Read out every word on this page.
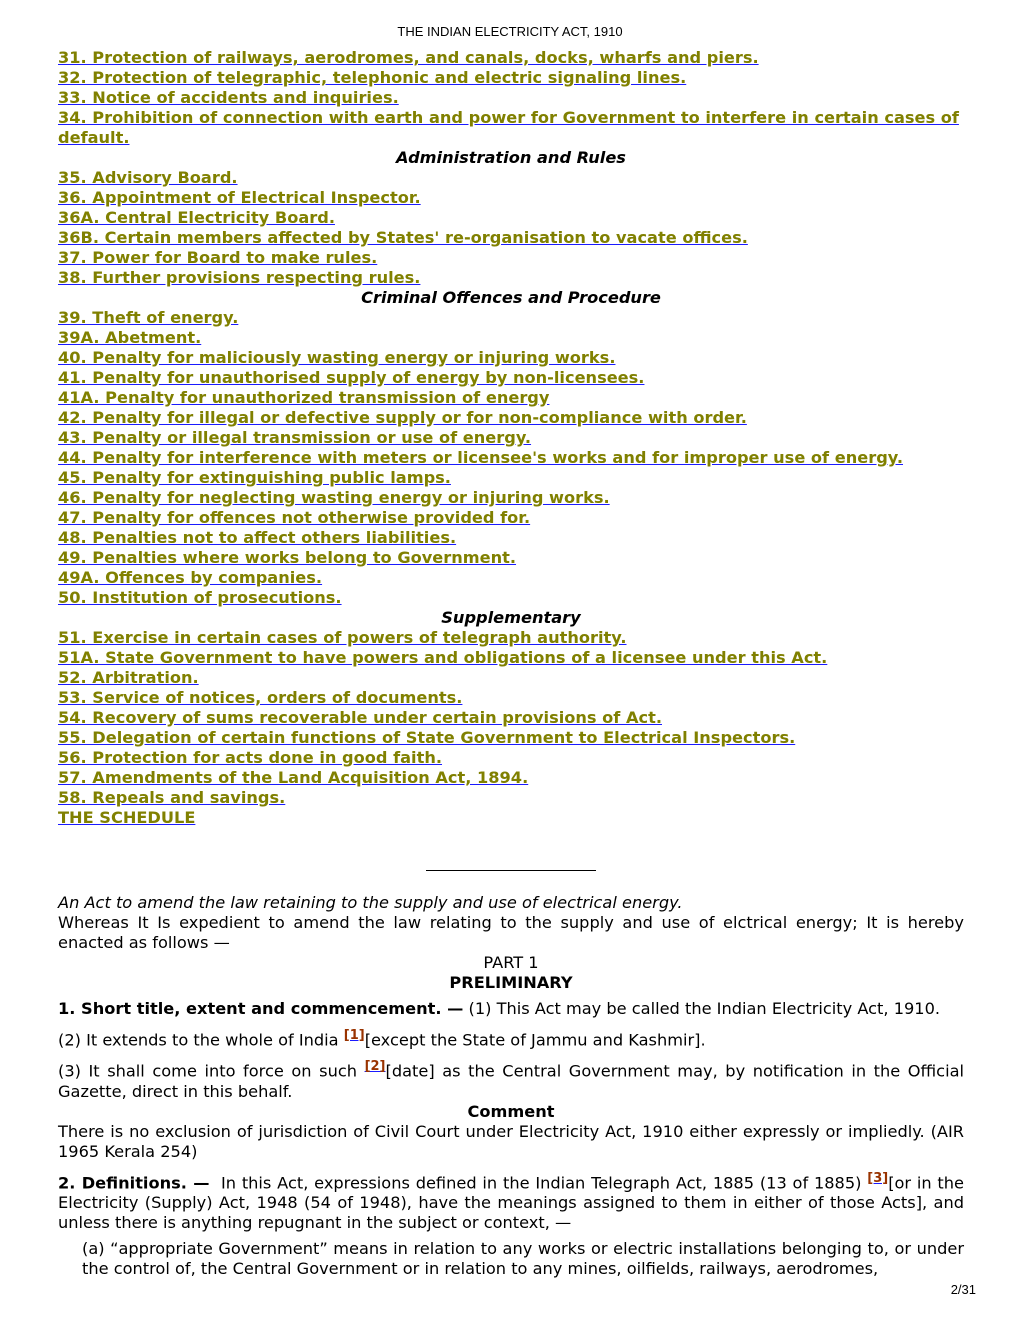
THE INDIAN ELECTRICITY ACT, 1910
31. Protection of railways, aerodromes, and canals, docks, wharfs and piers.
32. Protection of telegraphic, telephonic and electric signaling lines.
33. Notice of accidents and inquiries.
34. Prohibition of connection with earth and power for Government to interfere in certain cases of default.
Administration and Rules
35. Advisory Board.
36. Appointment of Electrical Inspector.
36A. Central Electricity Board.
36B. Certain members affected by States' re-organisation to vacate offices.
37. Power for Board to make rules.
38. Further provisions respecting rules.
Criminal Offences and Procedure
39. Theft of energy.
39A. Abetment.
40. Penalty for maliciously wasting energy or injuring works.
41. Penalty for unauthorised supply of energy by non-licensees.
41A. Penalty for unauthorized transmission of energy
42. Penalty for illegal or defective supply or for non-compliance with order.
43. Penalty or illegal transmission or use of energy.
44. Penalty for interference with meters or licensee's works and for improper use of energy.
45. Penalty for extinguishing public lamps.
46. Penalty for neglecting wasting energy or injuring works.
47. Penalty for offences not otherwise provided for.
48. Penalties not to affect others liabilities.
49. Penalties where works belong to Government.
49A. Offences by companies.
50. Institution of prosecutions.
Supplementary
51. Exercise in certain cases of powers of telegraph authority.
51A. State Government to have powers and obligations of a licensee under this Act.
52. Arbitration.
53. Service of notices, orders of documents.
54. Recovery of sums recoverable under certain provisions of Act.
55. Delegation of certain functions of State Government to Electrical Inspectors.
56. Protection for acts done in good faith.
57. Amendments of the Land Acquisition Act, 1894.
58. Repeals and savings.
THE SCHEDULE

An Act to amend the law retaining to the supply and use of electrical energy.

Whereas It Is expedient to amend the law relating to the supply and use of elctrical energy; It is hereby enacted as follows —

PART 1

PRELIMINARY

1. Short title, extent and commencement. — (1) This Act may be called the Indian Electricity Act, 1910.

(2) It extends to the whole of India [1][except the State of Jammu and Kashmir].

(3) It shall come into force on such [2][date] as the Central Government may, by notification in the Official Gazette, direct in this behalf.

Comment

There is no exclusion of jurisdiction of Civil Court under Electricity Act, 1910 either expressly or impliedly. (AIR 1965 Kerala 254)

2. Definitions. —  In this Act, expressions defined in the Indian Telegraph Act, 1885 (13 of 1885) [3][or in the Electricity (Supply) Act, 1948 (54 of 1948), have the meanings assigned to them in either of those Acts], and unless there is anything repugnant in the subject or context, —

(a) “appropriate Government” means in relation to any works or electric installations belonging to, or under the control of, the Central Government or in relation to any mines, oilfields, railways, aerodromes,

2/31
